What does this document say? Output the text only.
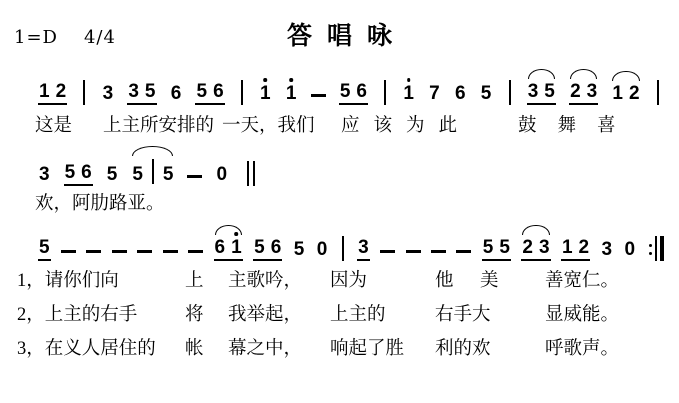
1=D 4/4	答唱咏
1 2 3 3 5 6 5 6 1 1 5 6 1 7 6 5 3 5 2 3 1 2
这是 上主所安排的 一天，我们 应该为此	鼓舞喜
3 5 6 5 5 5 0
欢，阿肋路亚。
5	6 1 5 6 5 0 3	5 5 2 3 1 2 3 0
1，请你们向	上 主歌吟， 因为	他 美	善宽仁。
2，上主的右手	将 我举起， 上主的	右手大	显威能。
3，在义人居住的 帐 幕之中， 响起了胜 利的欢	呼歌声。
